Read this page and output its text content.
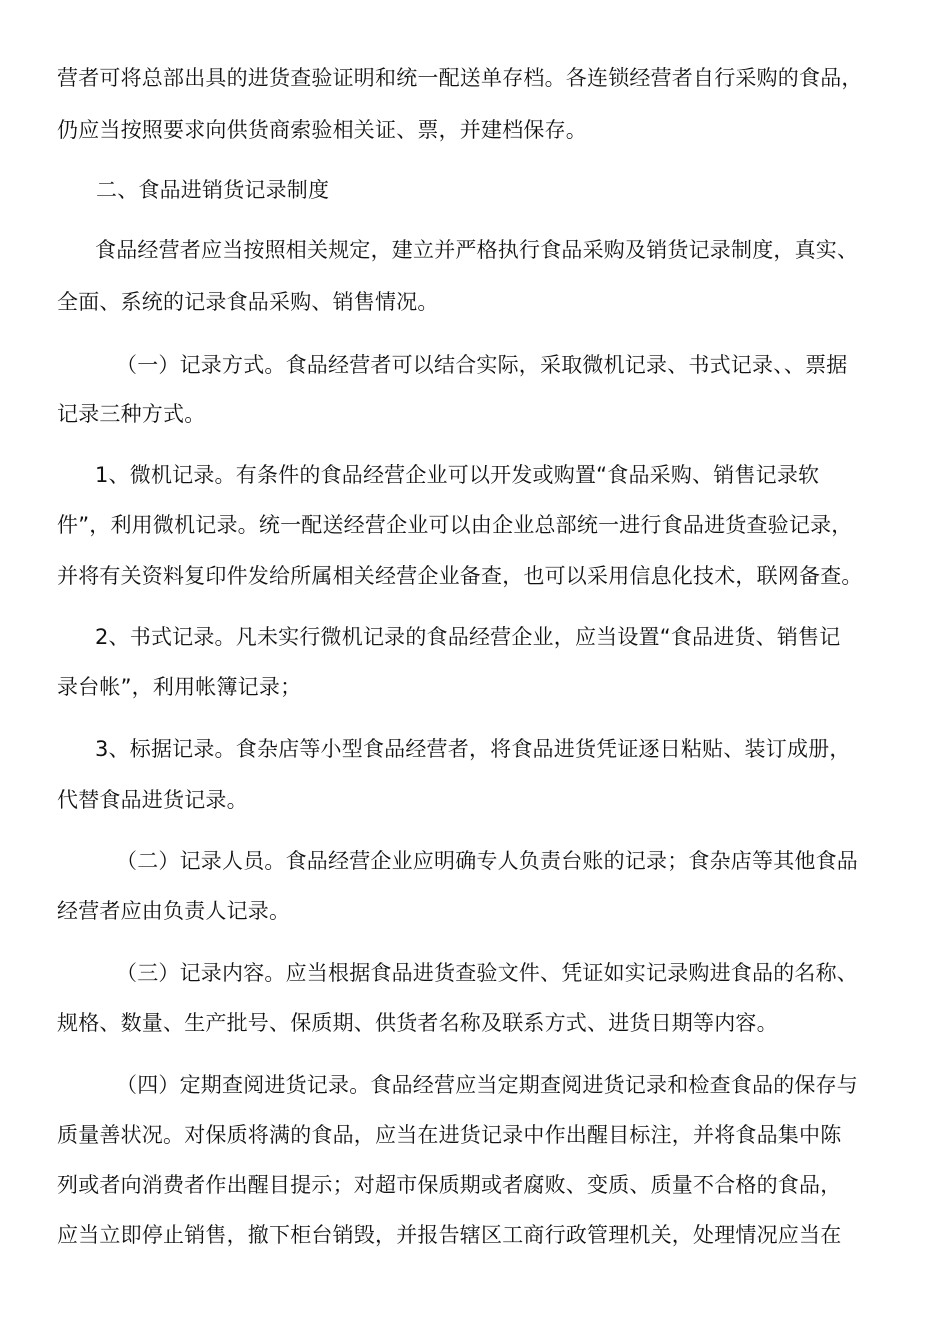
营者可将总部出具的进货查验证明和统一配送单存档。各连锁经营者自行采购的食品，
仍应当按照要求向供货商索验相关证、票，并建档保存。
二、食品进销货记录制度
食品经营者应当按照相关规定，建立并严格执行食品采购及销货记录制度，真实、
全面、系统的记录食品采购、销售情况。
（一）记录方式。食品经营者可以结合实际，采取微机记录、书式记录、、票据
记录三种方式。
1、微机记录。有条件的食品经营企业可以开发或购置“食品采购、销售记录软
件”，利用微机记录。统一配送经营企业可以由企业总部统一进行食品进货查验记录，
并将有关资料复印件发给所属相关经营企业备查，也可以采用信息化技术，联网备查。
2、书式记录。凡未实行微机记录的食品经营企业，应当设置“食品进货、销售记
录台帐”，利用帐簿记录；
3、标据记录。食杂店等小型食品经营者，将食品进货凭证逐日粘贴、装订成册，
代替食品进货记录。
（二）记录人员。食品经营企业应明确专人负责台账的记录；食杂店等其他食品
经营者应由负责人记录。
（三）记录内容。应当根据食品进货查验文件、凭证如实记录购进食品的名称、
规格、数量、生产批号、保质期、供货者名称及联系方式、进货日期等内容。
（四）定期查阅进货记录。食品经营应当定期查阅进货记录和检查食品的保存与
质量善状况。对保质将满的食品，应当在进货记录中作出醒目标注，并将食品集中陈
列或者向消费者作出醒目提示；对超市保质期或者腐败、变质、质量不合格的食品，
应当立即停止销售，撤下柜台销毁，并报告辖区工商行政管理机关，处理情况应当在
